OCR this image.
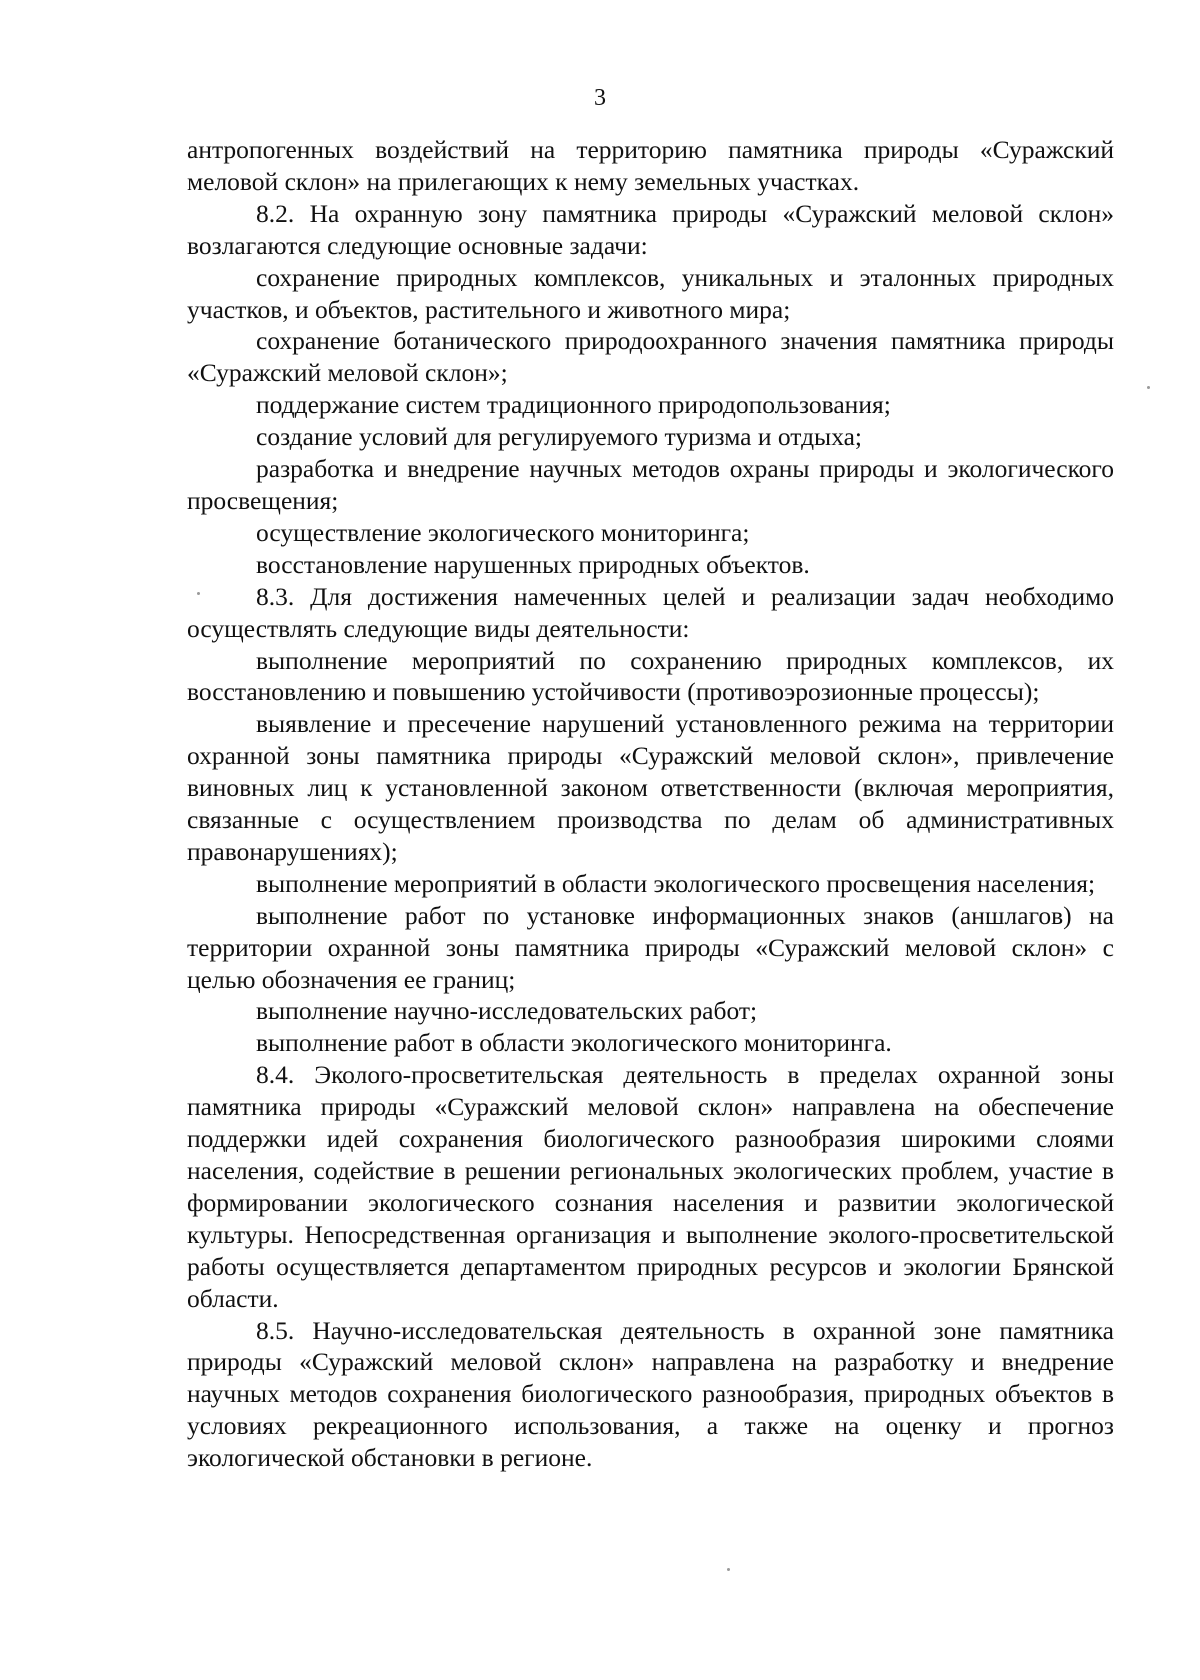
3

антропогенных воздействий на территорию памятника природы «Суражский меловой склон» на прилегающих к нему земельных участках.

8.2. На охранную зону памятника природы «Суражский меловой склон» возлагаются следующие основные задачи:

сохранение природных комплексов, уникальных и эталонных природных участков, и объектов, растительного и животного мира;

сохранение ботанического природоохранного значения памятника природы «Суражский меловой склон»;

поддержание систем традиционного природопользования;

создание условий для регулируемого туризма и отдыха;

разработка и внедрение научных методов охраны природы и экологического просвещения;

осуществление экологического мониторинга;

восстановление нарушенных природных объектов.

8.3. Для достижения намеченных целей и реализации задач необходимо осуществлять следующие виды деятельности:

выполнение мероприятий по сохранению природных комплексов, их восстановлению и повышению устойчивости (противоэрозионные процессы);

выявление и пресечение нарушений установленного режима на территории охранной зоны памятника природы «Суражский меловой склон», привлечение виновных лиц к установленной законом ответственности (включая мероприятия, связанные с осуществлением производства по делам об административных правонарушениях);

выполнение мероприятий в области экологического просвещения населения;

выполнение работ по установке информационных знаков (аншлагов) на территории охранной зоны памятника природы «Суражский меловой склон» с целью обозначения ее границ;

выполнение научно-исследовательских работ;

выполнение работ в области экологического мониторинга.

8.4. Эколого-просветительская деятельность в пределах охранной зоны памятника природы «Суражский меловой склон» направлена на обеспечение поддержки идей сохранения биологического разнообразия широкими слоями населения, содействие в решении региональных экологических проблем, участие в формировании экологического сознания населения и развитии экологической культуры. Непосредственная организация и выполнение эколого-просветительской работы осуществляется департаментом природных ресурсов и экологии Брянской области.

8.5. Научно-исследовательская деятельность в охранной зоне памятника природы «Суражский меловой склон» направлена на разработку и внедрение научных методов сохранения биологического разнообразия, природных объектов в условиях рекреационного использования, а также на оценку и прогноз экологической обстановки в регионе.
